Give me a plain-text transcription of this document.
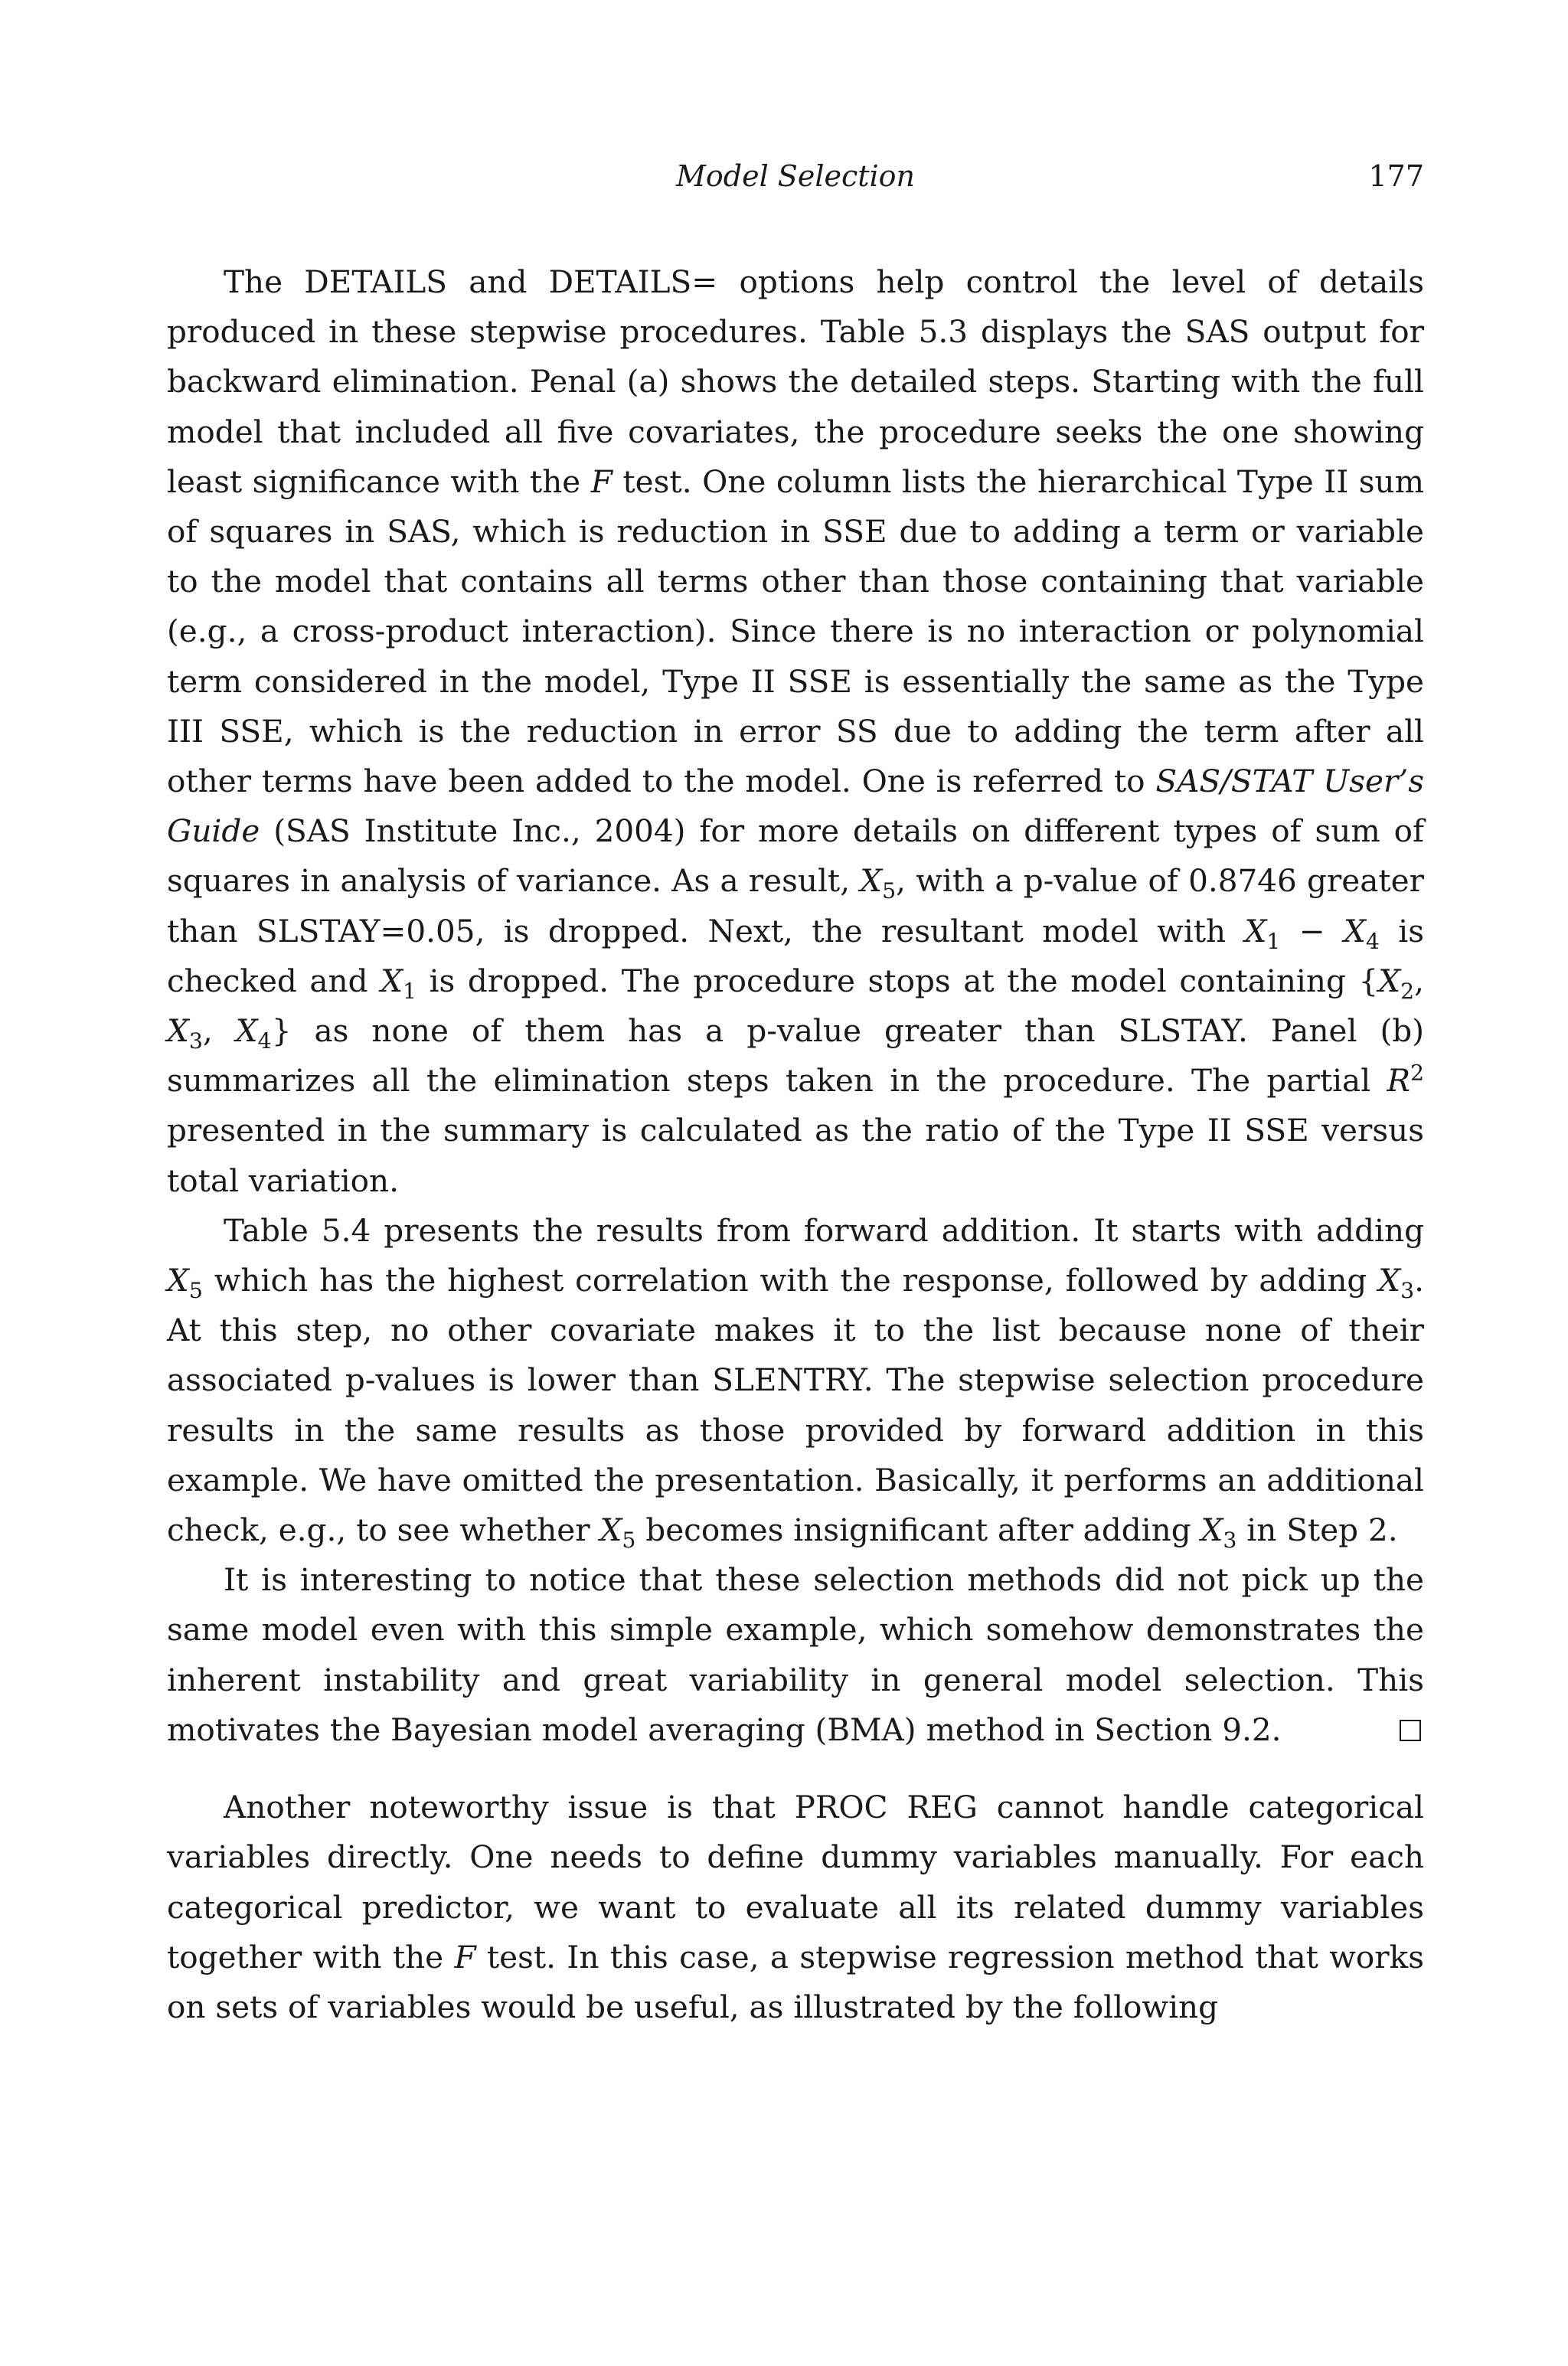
Model Selection	177

The DETAILS and DETAILS= options help control the level of details produced in these stepwise procedures. Table 5.3 displays the SAS output for backward elimination. Penal (a) shows the detailed steps. Starting with the full model that included all five covariates, the procedure seeks the one showing least significance with the F test. One column lists the hierarchical Type II sum of squares in SAS, which is reduction in SSE due to adding a term or variable to the model that contains all terms other than those containing that variable (e.g., a cross-product interaction). Since there is no interaction or polynomial term considered in the model, Type II SSE is essentially the same as the Type III SSE, which is the reduction in error SS due to adding the term after all other terms have been added to the model. One is referred to SAS/STAT User’s Guide (SAS Institute Inc., 2004) for more details on different types of sum of squares in analysis of variance. As a result, $X_5$, with a p-value of 0.8746 greater than SLSTAY=0.05, is dropped. Next, the resultant model with $X_1 - X_4$ is checked and $X_1$ is dropped. The procedure stops at the model containing {$X_2$, $X_3$, $X_4$} as none of them has a p-value greater than SLSTAY. Panel (b) summarizes all the elimination steps taken in the procedure. The partial $R^2$ presented in the summary is calculated as the ratio of the Type II SSE versus total variation.

Table 5.4 presents the results from forward addition. It starts with adding $X_5$ which has the highest correlation with the response, followed by adding $X_3$. At this step, no other covariate makes it to the list because none of their associated p-values is lower than SLENTRY. The stepwise selection procedure results in the same results as those provided by forward addition in this example. We have omitted the presentation. Basically, it performs an additional check, e.g., to see whether $X_5$ becomes insignificant after adding $X_3$ in Step 2.

It is interesting to notice that these selection methods did not pick up the same model even with this simple example, which somehow demonstrates the inherent instability and great variability in general model selection. This motivates the Bayesian model averaging (BMA) method in Section 9.2.

Another noteworthy issue is that PROC REG cannot handle categorical variables directly. One needs to define dummy variables manually. For each categorical predictor, we want to evaluate all its related dummy variables together with the F test. In this case, a stepwise regression method that works on sets of variables would be useful, as illustrated by the following
